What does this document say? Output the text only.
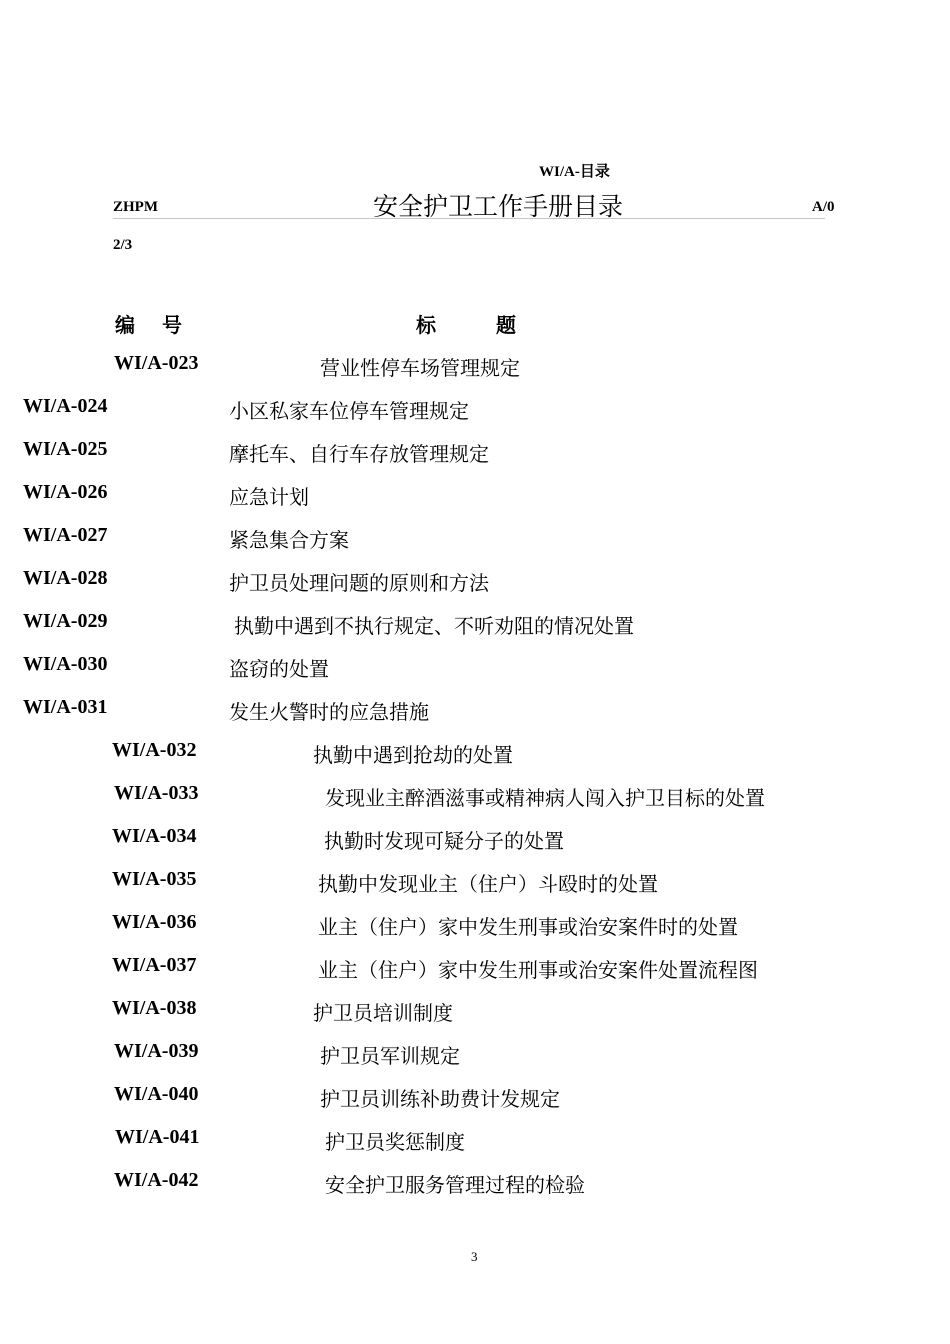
WI/A-目录
ZHPM	安全护卫工作手册目录	A/0
2/3
编　 号	标　　　题
WI/A-023	营业性停车场管理规定
WI/A-024	小区私家车位停车管理规定
WI/A-025	摩托车、自行车存放管理规定
WI/A-026	应急计划
WI/A-027	紧急集合方案
WI/A-028	护卫员处理问题的原则和方法
WI/A-029	执勤中遇到不执行规定、不听劝阻的情况处置
WI/A-030	盗窃的处置
WI/A-031	发生火警时的应急措施
WI/A-032	执勤中遇到抢劫的处置
WI/A-033	发现业主醉酒滋事或精神病人闯入护卫目标的处置
WI/A-034	执勤时发现可疑分子的处置
WI/A-035	执勤中发现业主（住户）斗殴时的处置
WI/A-036	业主（住户）家中发生刑事或治安案件时的处置
WI/A-037	业主（住户）家中发生刑事或治安案件处置流程图
WI/A-038	护卫员培训制度
WI/A-039	护卫员军训规定
WI/A-040	护卫员训练补助费计发规定
WI/A-041	护卫员奖惩制度
WI/A-042	安全护卫服务管理过程的检验
3
